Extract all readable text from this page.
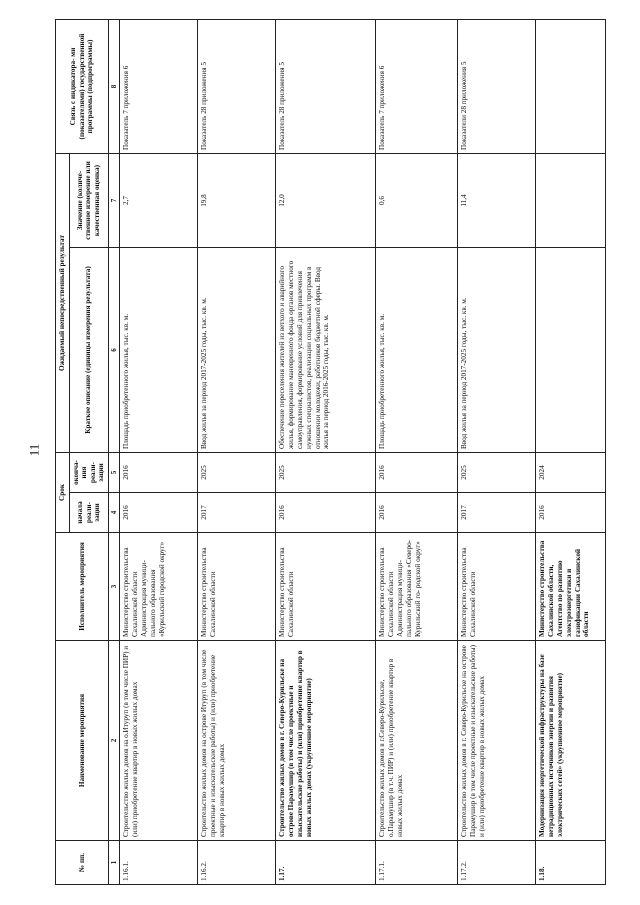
11
№ пп.	Наименование мероприятия	Исполнитель мероприятия	Срок		Ожидаемый непосредственный результат		Связь с индикатора- ми (показателями) государственной программы (подпрограммы)
			начала реали- зации	оконча- ния реали- зации	Краткое описание (единицы измерения результата)	Значение (количе- ственное измерение или качественная оценка)	

1	2	3	4	5	6	7	8
1.16.1.	Строительство жилых домов на о.Итуруп (в том числе ПИР) и (или) приобретение квартир в новых жилых домах	Министерство строительства Сахалинской области Администрация муници- пального образования «Курильский городской округ»	2016	2016	Площадь приобретенного жилья, тыс. кв. м.	2,7	Показатель 7 приложения 6
1.16.2.	Строительство жилых домов на острове Итуруп (в том числе проектные и изыскательские работы) и (или) приобретение квартир в новых жилых домах	Министерство строительства Сахалинской области	2017	2025	Ввод жилья за период 2017-2025 годы, тыс. кв. м.	19,8	Показатель 28 приложения 5
1.17.	Строительство жилых домов в г. Северо-Курильске на острове Парамушир (в том числе проектные и изыскательские работы) и (или) приобретение квартир в новых жилых домах (укрупненное мероприятие)	Министерство строительства Сахалинской области	2016	2025	Обеспечение переселения жителей из ветхого и аварийного жилья, формирование маневренного фонда органов местного самоуправления, формирование условий для привлечения нужных специалистов, реализации социальных программ в отношении молодежи, работников бюджетной сферы. Ввод жилья за период 2016-2025 годы, тыс. кв. м.	12,0	Показатель 28 приложения 5
1.17.1.	Строительство жилых домов в г.Северо-Курильске, о.Парамушир (в т.ч. ПИР) и (или) приобретение квартир в новых жилых домах	Министерство строительства Сахалинской области Администрация муници- пального образования «Северо-Курильский го- родской округ»	2016	2016	Площадь приобретенного жилья, тыс. кв. м.	0,6	Показатель 7 приложения 6
1.17.2.	Строительство жилых домов в г. Северо-Курильске на острове Парамушир (в том числе проектные и изыскательские работы) и (или) приобретение квартир в новых жилых домах	Министерство строительства Сахалинской области	2017	2025	Ввод жилья за период 2017-2025 годы, тыс. кв. м.	11,4	Показатели 28 приложения 5
1.18.	Модернизация энергетической инфраструктуры на базе нетрадиционных источников энергии и развития электрических сетей» (укрупненное мероприятие)	Министерство строительства Сахалинской области, Агентство по развитию электроэнергетики и газификации Сахалинской области	2016	2024			
